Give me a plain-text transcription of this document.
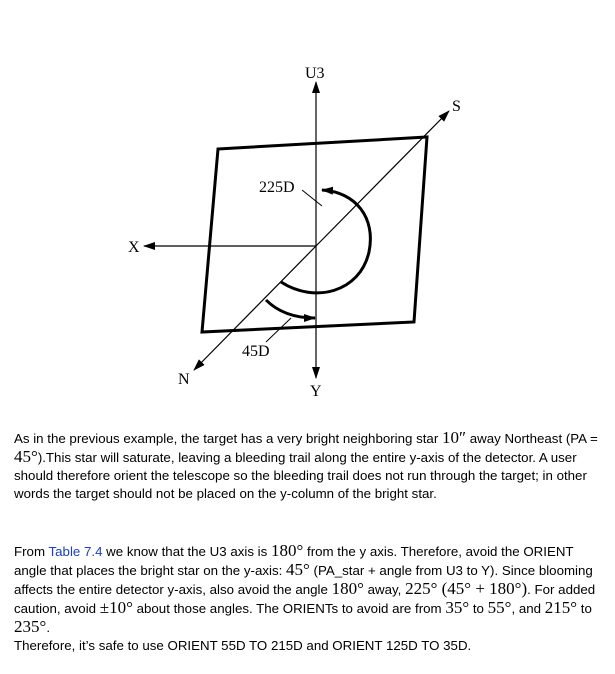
U3
S
X
N
Y
225D
45D

As in the previous example, the target has a very bright neighboring star 10″ away Northeast (PA = 45°).This star will saturate, leaving a bleeding trail along the entire y-axis of the detector. A user should therefore orient the telescope so the bleeding trail does not run through the target; in other words the target should not be placed on the y-column of the bright star.

From Table 7.4 we know that the U3 axis is 180° from the y axis. Therefore, avoid the ORIENT angle that places the bright star on the y-axis: 45° (PA_star + angle from U3 to Y). Since blooming affects the entire detector y-axis, also avoid the angle 180° away, 225° (45° + 180°). For added caution, avoid ±10° about those angles. The ORIENTs to avoid are from 35° to 55°, and 215° to 235°.

Therefore, it’s safe to use ORIENT 55D TO 215D and ORIENT 125D TO 35D.
